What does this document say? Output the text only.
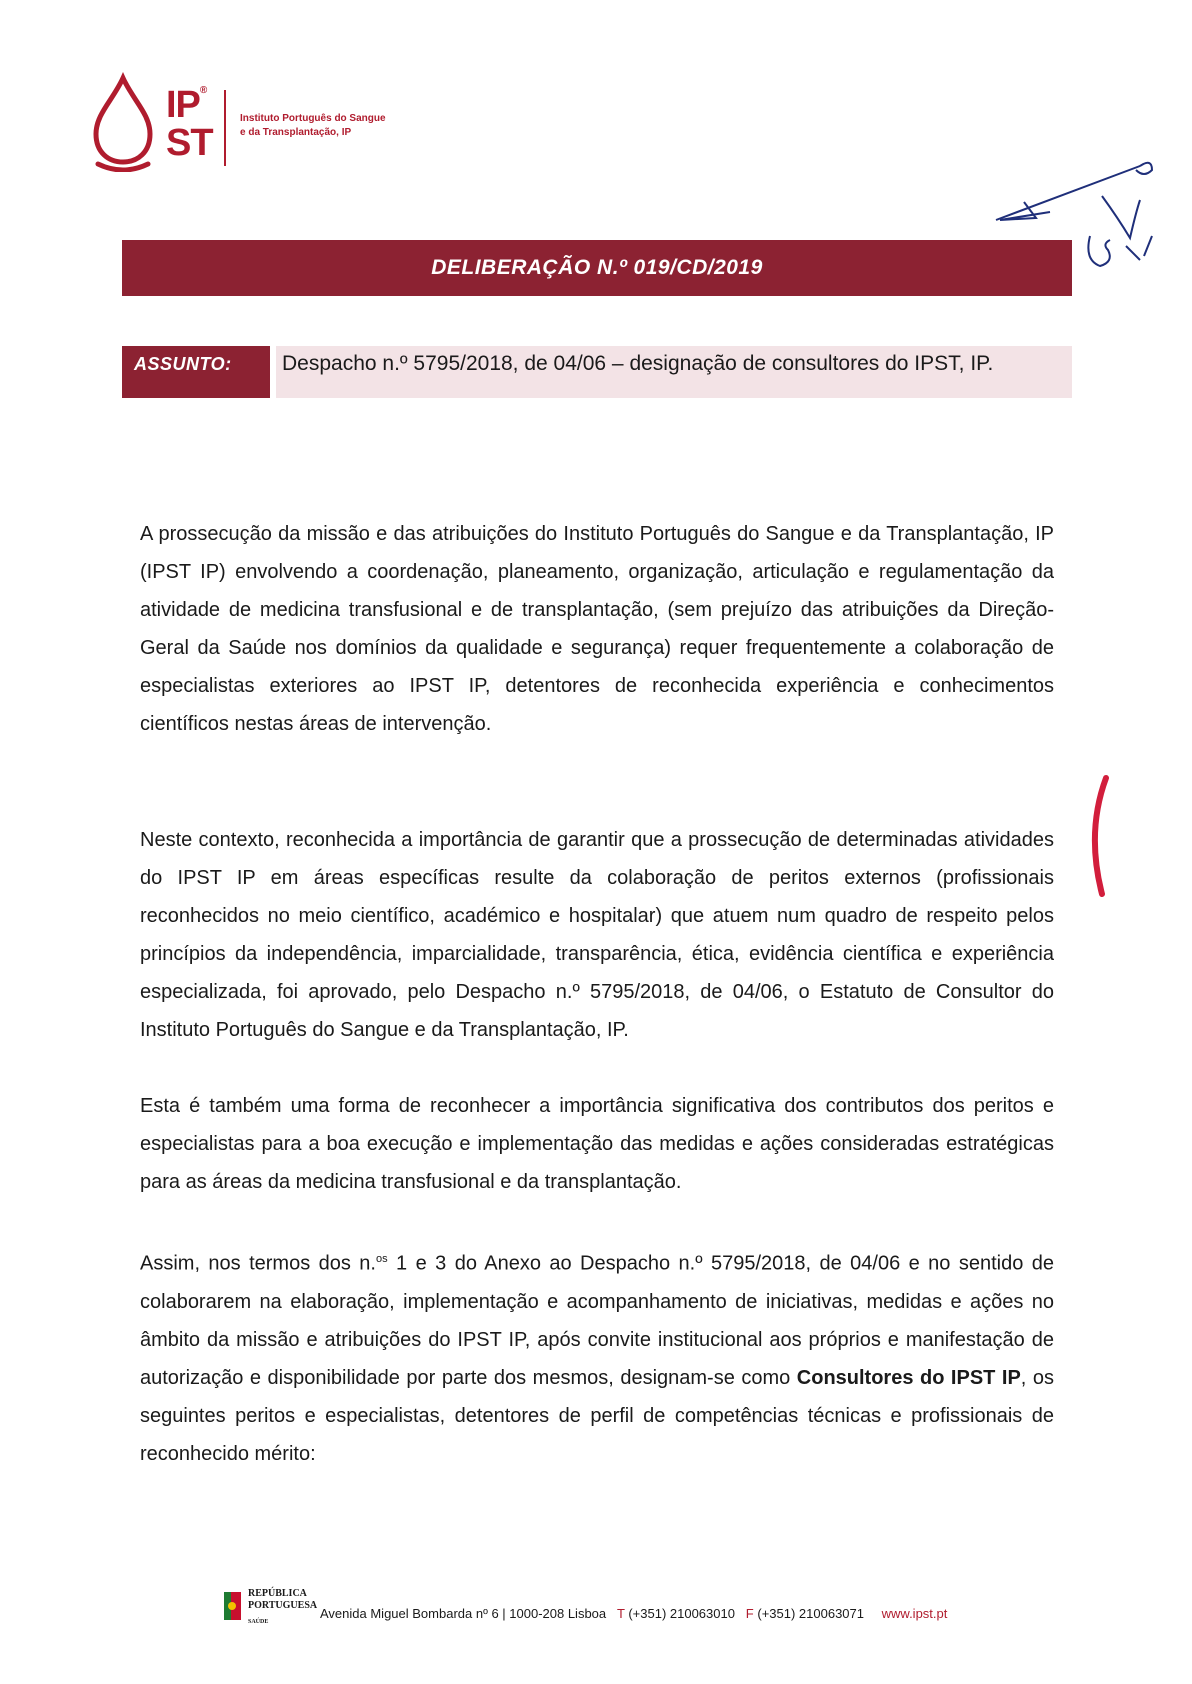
IP®
ST
Instituto Português do Sangue
e da Transplantação, IP
DELIBERAÇÃO N.º 019/CD/2019
ASSUNTO:	Despacho n.º 5795/2018, de 04/06 – designação de consultores do IPST, IP.
A prossecução da missão e das atribuições do Instituto Português do Sangue e da Transplantação, IP (IPST IP) envolvendo a coordenação, planeamento, organização, articulação e regulamentação da atividade de medicina transfusional e de transplantação, (sem prejuízo das atribuições da Direção-Geral da Saúde nos domínios da qualidade e segurança) requer frequentemente a colaboração de especialistas exteriores ao IPST IP, detentores de reconhecida experiência e conhecimentos científicos nestas áreas de intervenção.
Neste contexto, reconhecida a importância de garantir que a prossecução de determinadas atividades do IPST IP em áreas específicas resulte da colaboração de peritos externos (profissionais reconhecidos no meio científico, académico e hospitalar) que atuem num quadro de respeito pelos princípios da independência, imparcialidade, transparência, ética, evidência científica e experiência especializada, foi aprovado, pelo Despacho n.º 5795/2018, de 04/06, o Estatuto de Consultor do Instituto Português do Sangue e da Transplantação, IP.
Esta é também uma forma de reconhecer a importância significativa dos contributos dos peritos e especialistas para a boa execução e implementação das medidas e ações consideradas estratégicas para as áreas da medicina transfusional e da transplantação.
Assim, nos termos dos n.$^{os}$ 1 e 3 do Anexo ao Despacho n.º 5795/2018, de 04/06 e no sentido de colaborarem na elaboração, implementação e acompanhamento de iniciativas, medidas e ações no âmbito da missão e atribuições do IPST IP, após convite institucional aos próprios e manifestação de autorização e disponibilidade por parte dos mesmos, designam-se como Consultores do IPST IP, os seguintes peritos e especialistas, detentores de perfil de competências técnicas e profissionais de reconhecido mérito:
REPÚBLICA
PORTUGUESA
SAÚDE
Avenida Miguel Bombarda nº 6 | 1000-208 Lisboa T (+351) 210063010 F (+351) 210063071 www.ipst.pt
